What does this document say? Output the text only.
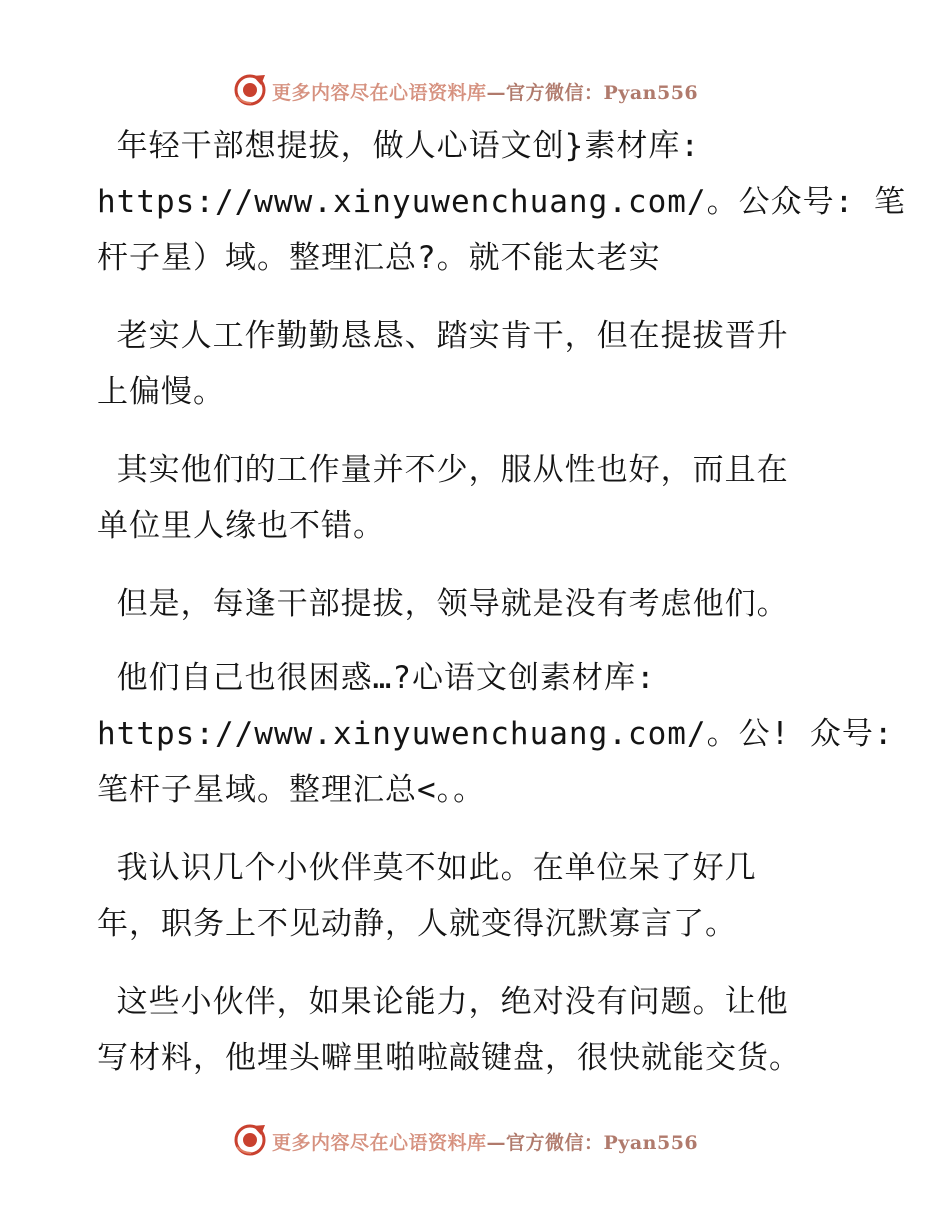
更多内容尽在心语资料库—官方微信：Pyan556
年轻干部想提拔，做人心语文创}素材库:
https://www.xinyuwenchuang.com/。公众号: 笔
杆子星）域。整理汇总?。就不能太老实
老实人工作勤勤恳恳、踏实肯干，但在提拔晋升
上偏慢。
其实他们的工作量并不少，服从性也好，而且在
单位里人缘也不错。
但是，每逢干部提拔，领导就是没有考虑他们。
他们自己也很困惑…?心语文创素材库:
https://www.xinyuwenchuang.com/。公! 众号:
笔杆子星域。整理汇总<。。
我认识几个小伙伴莫不如此。在单位呆了好几
年，职务上不见动静，人就变得沉默寡言了。
这些小伙伴，如果论能力，绝对没有问题。让他
写材料，他埋头噼里啪啦敲键盘，很快就能交货。
更多内容尽在心语资料库—官方微信：Pyan556
